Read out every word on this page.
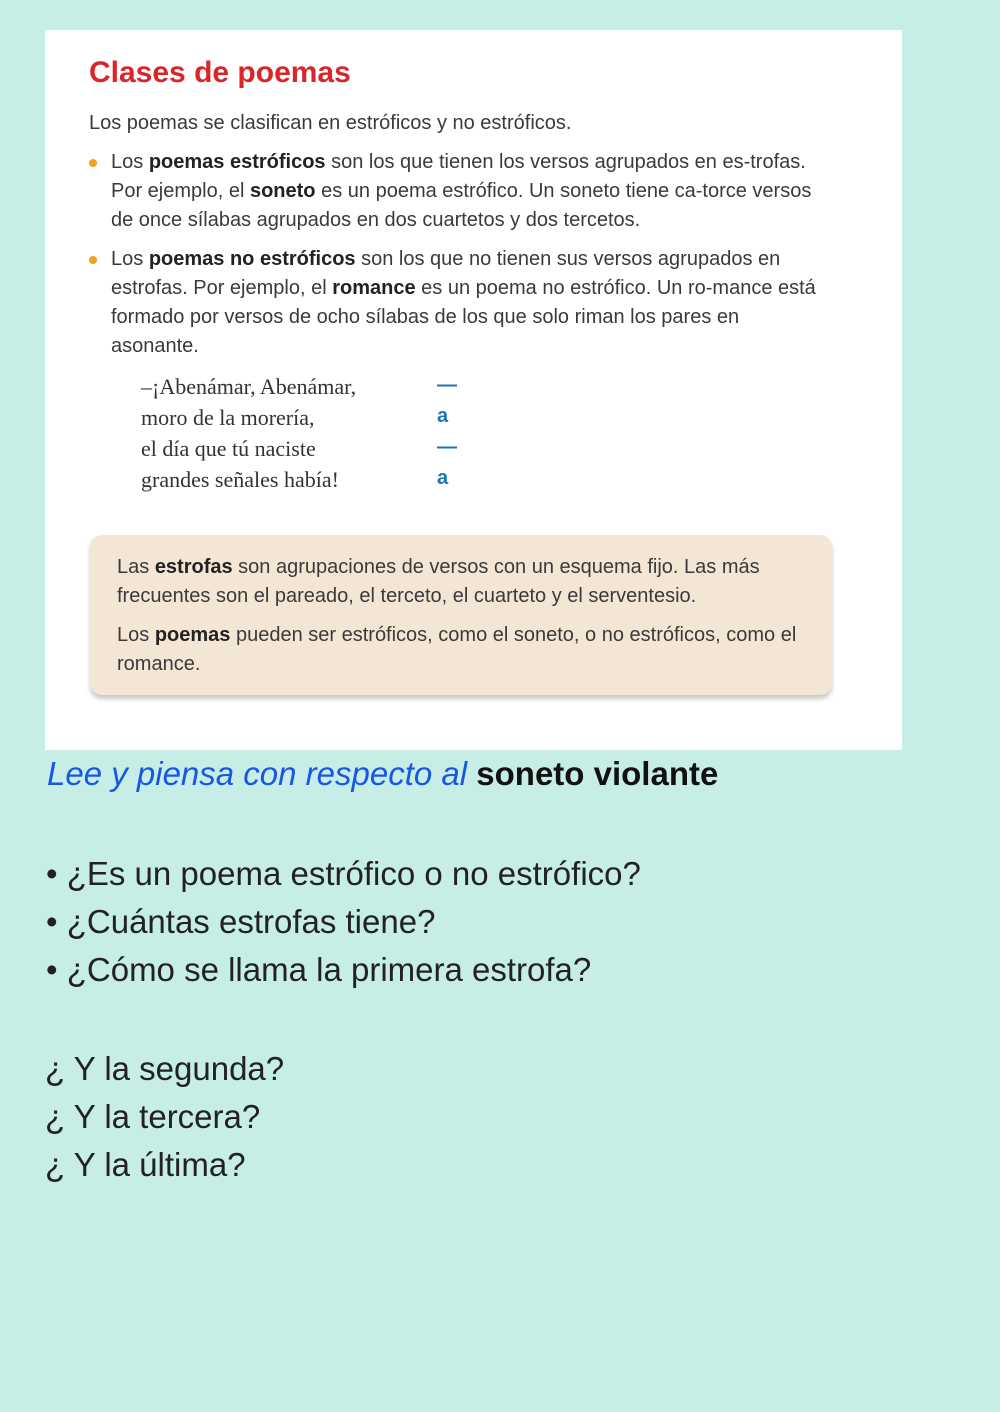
Clases de poemas

Los poemas se clasifican en estróficos y no estróficos.

Los poemas estróficos son los que tienen los versos agrupados en es-trofas. Por ejemplo, el soneto es un poema estrófico. Un soneto tiene ca-torce versos de once sílabas agrupados en dos cuartetos y dos tercetos.
Los poemas no estróficos son los que no tienen sus versos agrupados en estrofas. Por ejemplo, el romance es un poema no estrófico. Un ro-mance está formado por versos de ocho sílabas de los que solo riman los pares en asonante.
–¡Abenámar, Abenámar,	—
moro de la morería,	a
el día que tú naciste	—
grandes señales había!	a

Las estrofas son agrupaciones de versos con un esquema fijo. Las más frecuentes son el pareado, el terceto, el cuarteto y el serventesio.

Los poemas pueden ser estróficos, como el soneto, o no estróficos, como el romance.

Lee y piensa con respecto al soneto violante
• ¿Es un poema estrófico o no estrófico?
• ¿Cuántas estrofas tiene?
• ¿Cómo se llama la primera estrofa?
¿ Y la segunda?
¿ Y la tercera?
¿ Y la última?
